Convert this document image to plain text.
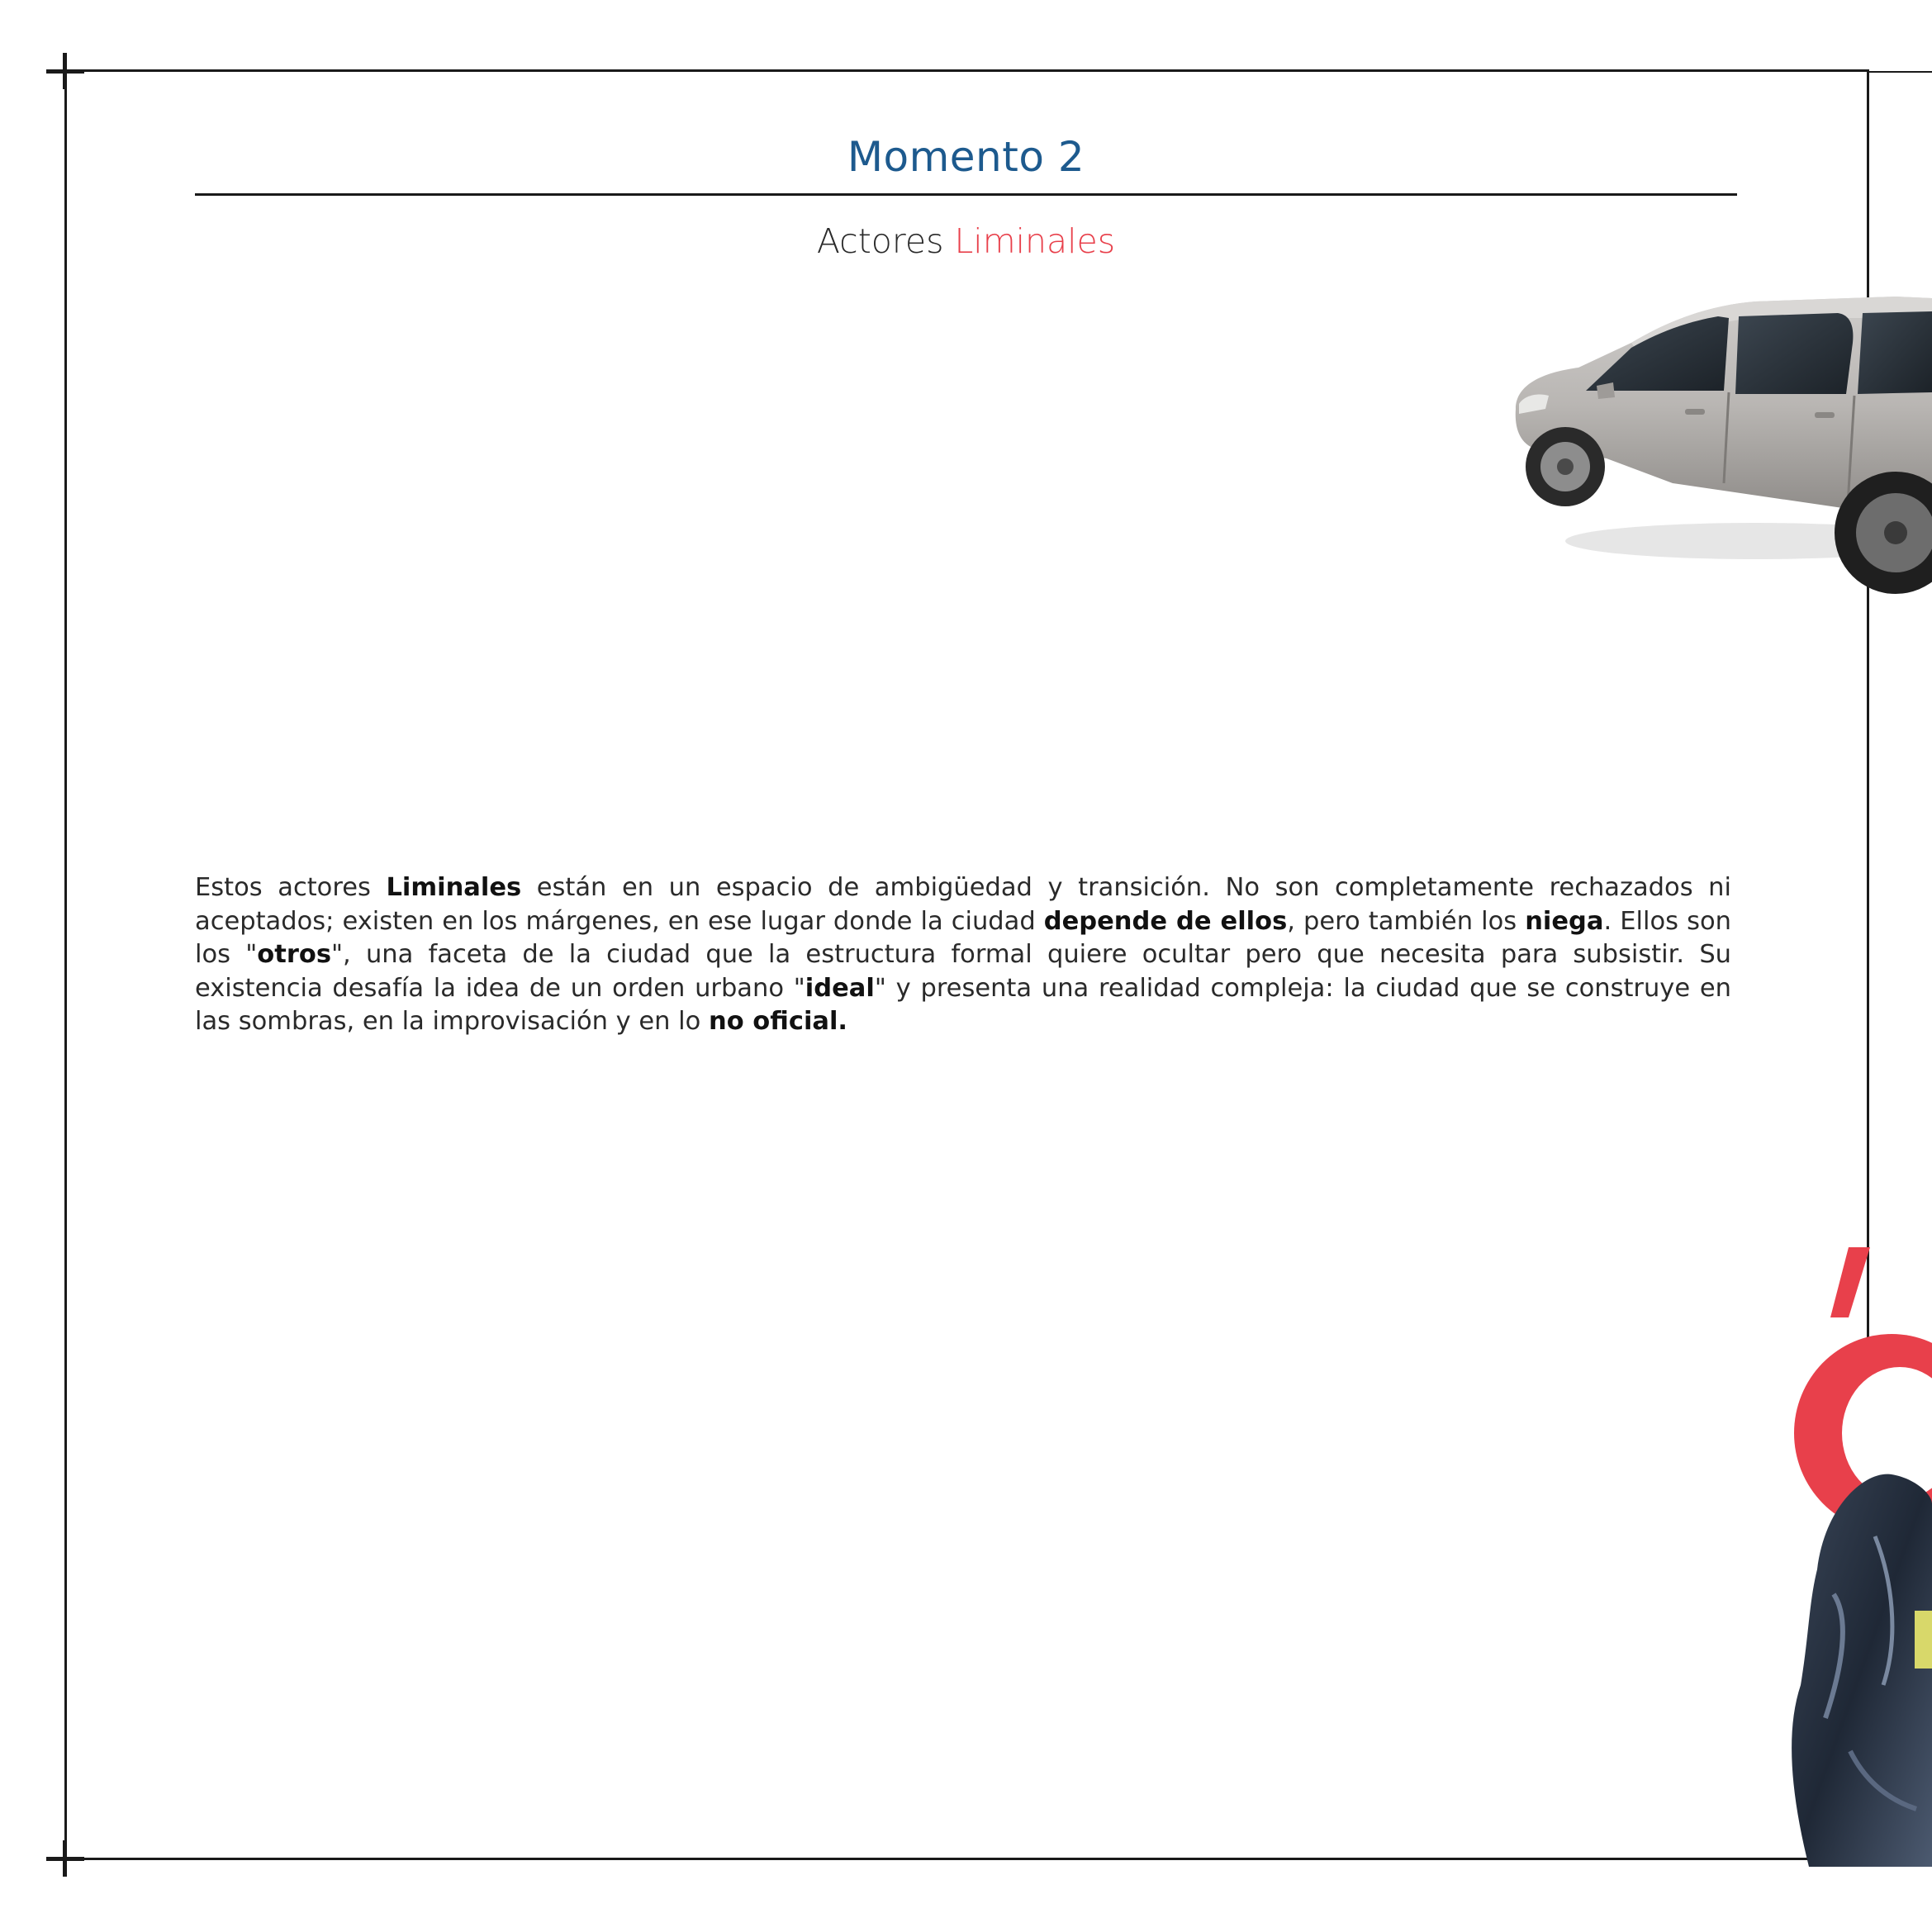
Momento 2
Actores Liminales

Estos actores Liminales están en un espacio de ambigüedad y transición. No son completamente rechazados ni aceptados; existen en los márgenes, en ese lugar donde la ciudad depende de ellos, pero también los niega. Ellos son los "otros", una faceta de la ciudad que la estructura formal quiere ocultar pero que necesita para subsistir. Su existencia desafía la idea de un orden urbano "ideal" y presenta una realidad compleja: la ciudad que se construye en las sombras, en la improvisación y en lo no oficial.
